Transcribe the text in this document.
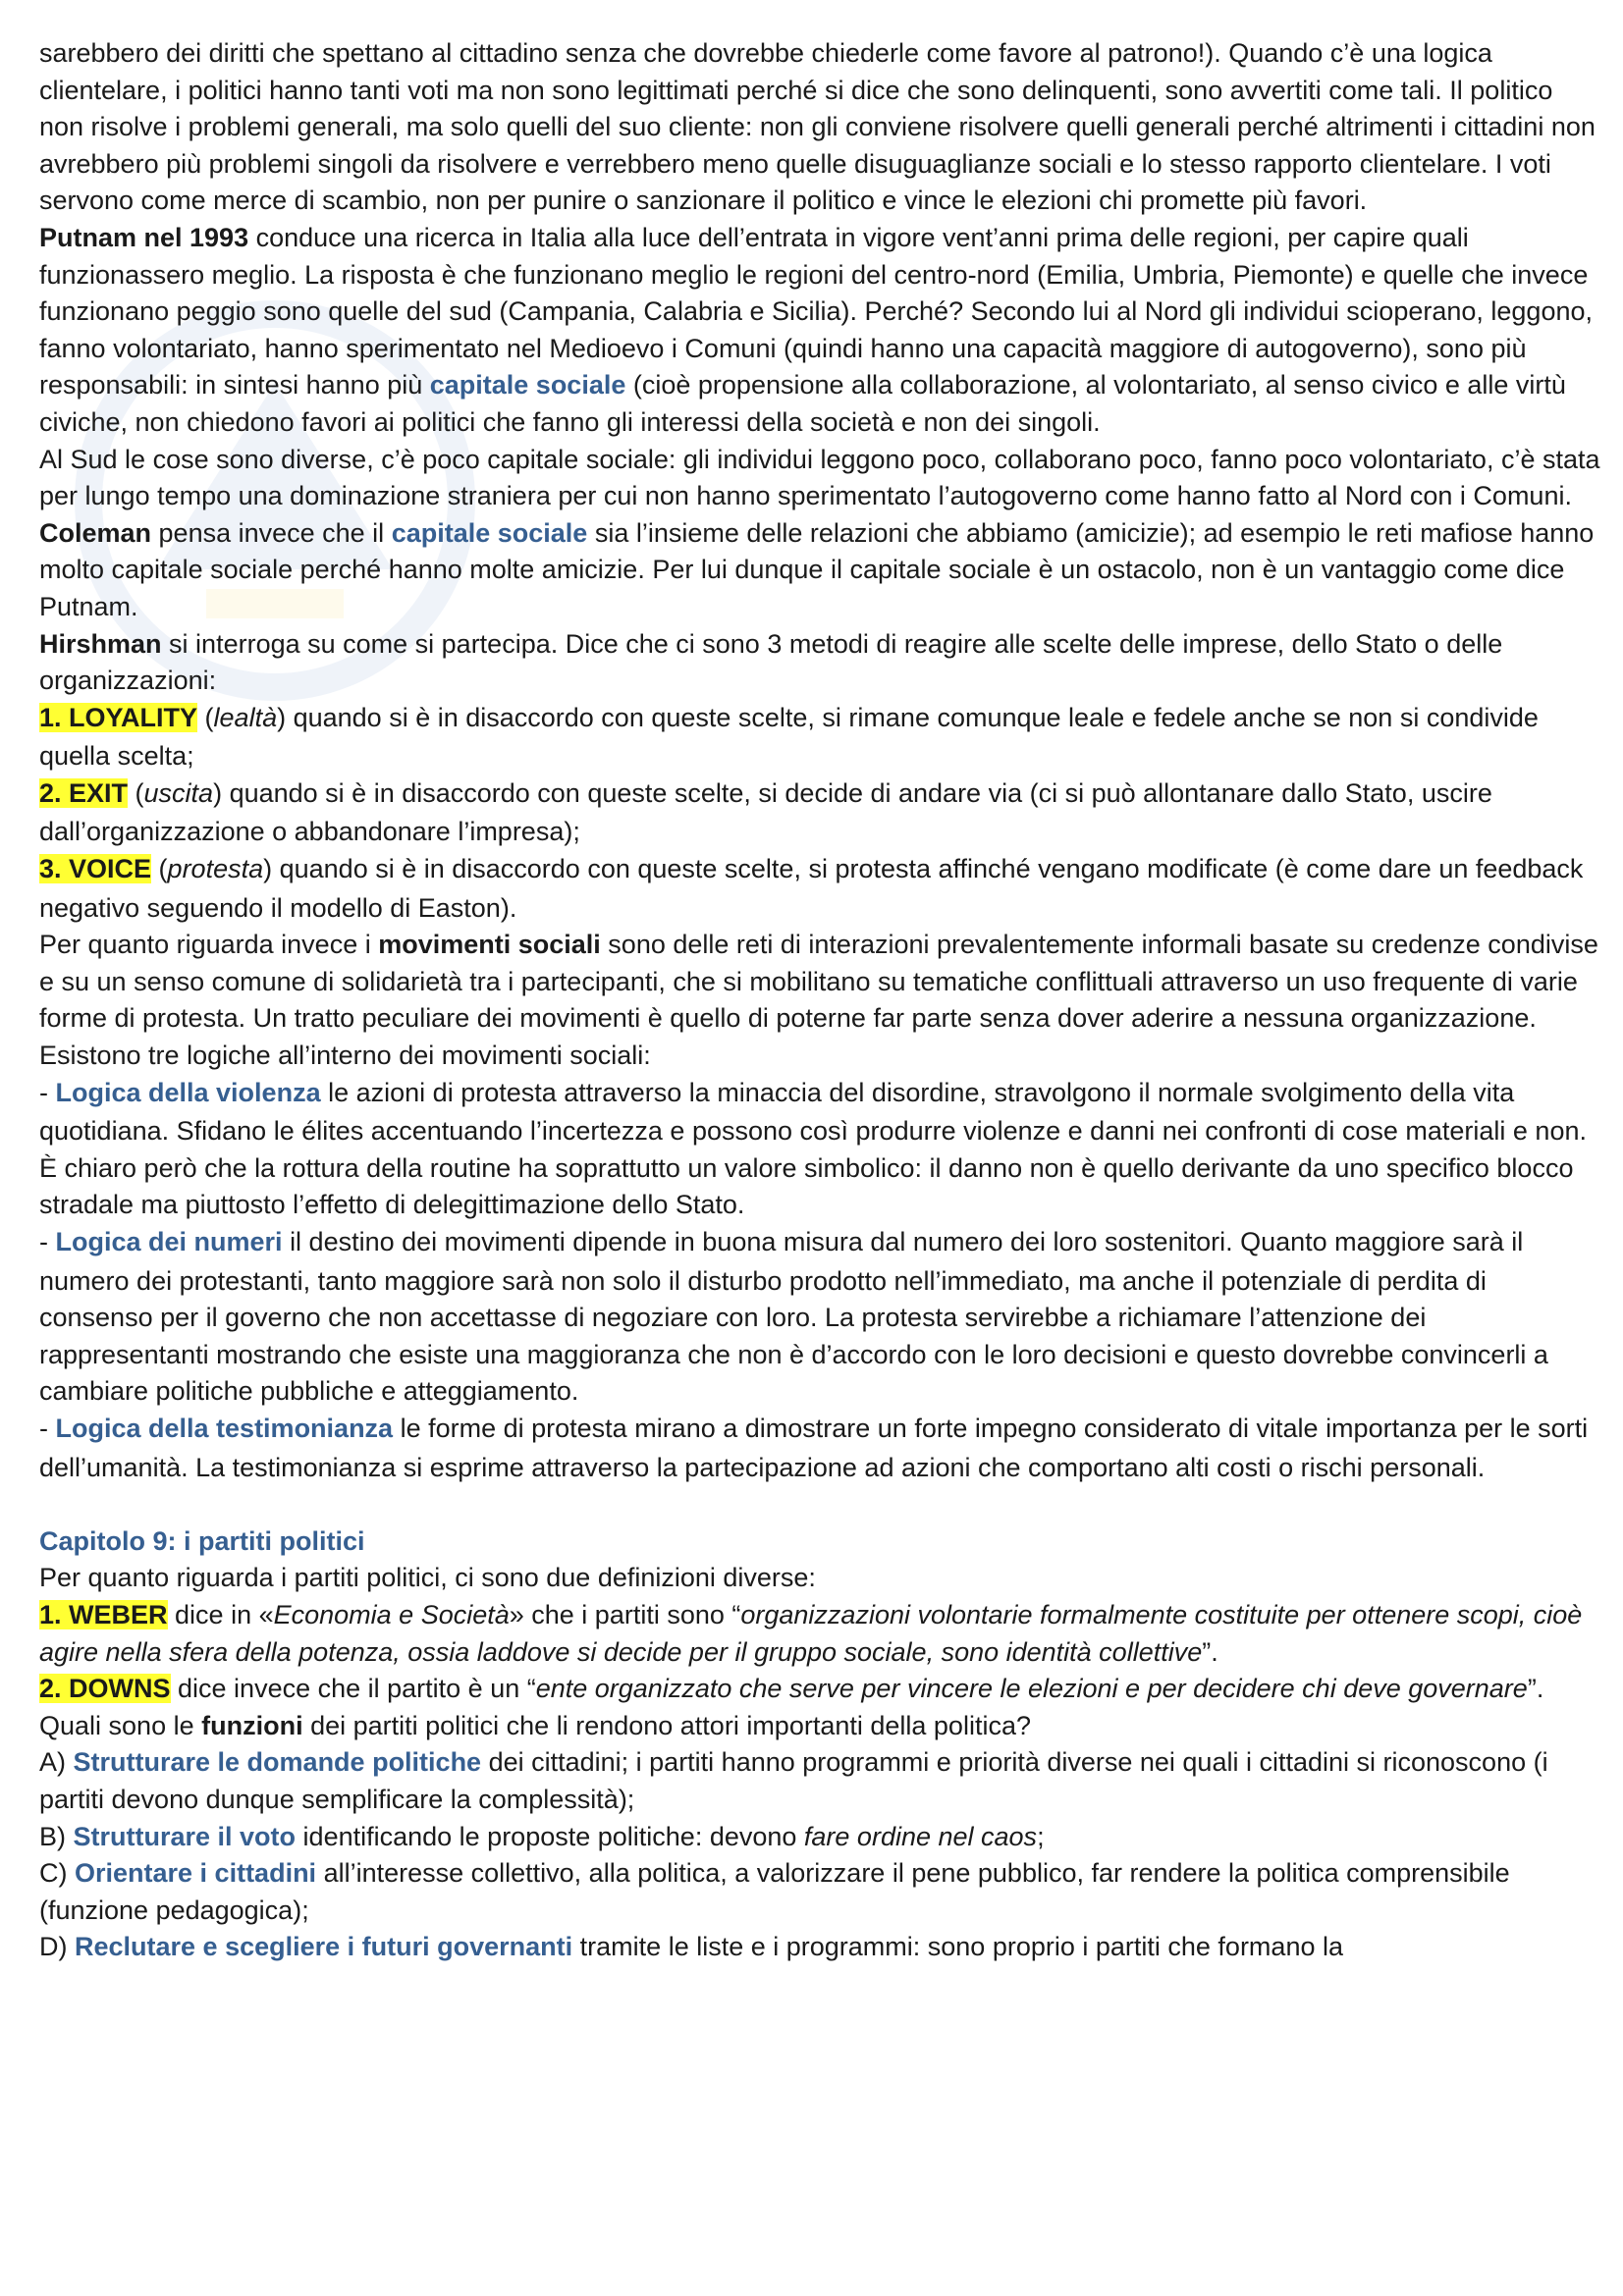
sarebbero dei diritti che spettano al cittadino senza che dovrebbe chiederle come favore al patrono!). Quando c’è una logica clientelare, i politici hanno tanti voti ma non sono legittimati perché si dice che sono delinquenti, sono avvertiti come tali. Il politico non risolve i problemi generali, ma solo quelli del suo cliente: non gli conviene risolvere quelli generali perché altrimenti i cittadini non avrebbero più problemi singoli da risolvere e verrebbero meno quelle disuguaglianze sociali e lo stesso rapporto clientelare. I voti servono come merce di scambio, non per punire o sanzionare il politico e vince le elezioni chi promette più favori.

Putnam nel 1993 conduce una ricerca in Italia alla luce dell’entrata in vigore vent’anni prima delle regioni, per capire quali funzionassero meglio. La risposta è che funzionano meglio le regioni del centro-nord (Emilia, Umbria, Piemonte) e quelle che invece funzionano peggio sono quelle del sud (Campania, Calabria e Sicilia). Perché? Secondo lui al Nord gli individui scioperano, leggono, fanno volontariato, hanno sperimentato nel Medioevo i Comuni (quindi hanno una capacità maggiore di autogoverno), sono più responsabili: in sintesi hanno più capitale sociale (cioè propensione alla collaborazione, al volontariato, al senso civico e alle virtù civiche, non chiedono favori ai politici che fanno gli interessi della società e non dei singoli.

Al Sud le cose sono diverse, c’è poco capitale sociale: gli individui leggono poco, collaborano poco, fanno poco volontariato, c’è stata per lungo tempo una dominazione straniera per cui non hanno sperimentato l’autogoverno come hanno fatto al Nord con i Comuni.

Coleman pensa invece che il capitale sociale sia l’insieme delle relazioni che abbiamo (amicizie); ad esempio le reti mafiose hanno molto capitale sociale perché hanno molte amicizie. Per lui dunque il capitale sociale è un ostacolo, non è un vantaggio come dice Putnam.

Hirshman si interroga su come si partecipa. Dice che ci sono 3 metodi di reagire alle scelte delle imprese, dello Stato o delle organizzazioni:

1. LOYALITY (lealtà) quando si è in disaccordo con queste scelte, si rimane comunque leale e fedele anche se non si condivide quella scelta;

2. EXIT (uscita) quando si è in disaccordo con queste scelte, si decide di andare via (ci si può allontanare dallo Stato, uscire dall’organizzazione o abbandonare l’impresa);

3. VOICE (protesta) quando si è in disaccordo con queste scelte, si protesta affinché vengano modificate (è come dare un feedback negativo seguendo il modello di Easton).

Per quanto riguarda invece i movimenti sociali sono delle reti di interazioni prevalentemente informali basate su credenze condivise e su un senso comune di solidarietà tra i partecipanti, che si mobilitano su tematiche conflittuali attraverso un uso frequente di varie forme di protesta. Un tratto peculiare dei movimenti è quello di poterne far parte senza dover aderire a nessuna organizzazione.

Esistono tre logiche all’interno dei movimenti sociali:

- Logica della violenza le azioni di protesta attraverso la minaccia del disordine, stravolgono il normale svolgimento della vita quotidiana. Sfidano le élites accentuando l’incertezza e possono così produrre violenze e danni nei confronti di cose materiali e non. È chiaro però che la rottura della routine ha soprattutto un valore simbolico: il danno non è quello derivante da uno specifico blocco stradale ma piuttosto l’effetto di delegittimazione dello Stato.

- Logica dei numeri il destino dei movimenti dipende in buona misura dal numero dei loro sostenitori. Quanto maggiore sarà il numero dei protestanti, tanto maggiore sarà non solo il disturbo prodotto nell’immediato, ma anche il potenziale di perdita di consenso per il governo che non accettasse di negoziare con loro. La protesta servirebbe a richiamare l’attenzione dei rappresentanti mostrando che esiste una maggioranza che non è d’accordo con le loro decisioni e questo dovrebbe convincerli a cambiare politiche pubbliche e atteggiamento.

- Logica della testimonianza le forme di protesta mirano a dimostrare un forte impegno considerato di vitale importanza per le sorti dell’umanità. La testimonianza si esprime attraverso la partecipazione ad azioni che comportano alti costi o rischi personali.

Capitolo 9: i partiti politici

Per quanto riguarda i partiti politici, ci sono due definizioni diverse:

1. WEBER dice in «Economia e Società» che i partiti sono “organizzazioni volontarie formalmente costituite per ottenere scopi, cioè agire nella sfera della potenza, ossia laddove si decide per il gruppo sociale, sono identità collettive”.

2. DOWNS dice invece che il partito è un “ente organizzato che serve per vincere le elezioni e per decidere chi deve governare”.

Quali sono le funzioni dei partiti politici che li rendono attori importanti della politica?

A) Strutturare le domande politiche dei cittadini; i partiti hanno programmi e priorità diverse nei quali i cittadini si riconoscono (i partiti devono dunque semplificare la complessità);

B) Strutturare il voto identificando le proposte politiche: devono fare ordine nel caos;

C) Orientare i cittadini all’interesse collettivo, alla politica, a valorizzare il pene pubblico, far rendere la politica comprensibile (funzione pedagogica);

D) Reclutare e scegliere i futuri governanti tramite le liste e i programmi: sono proprio i partiti che formano la
